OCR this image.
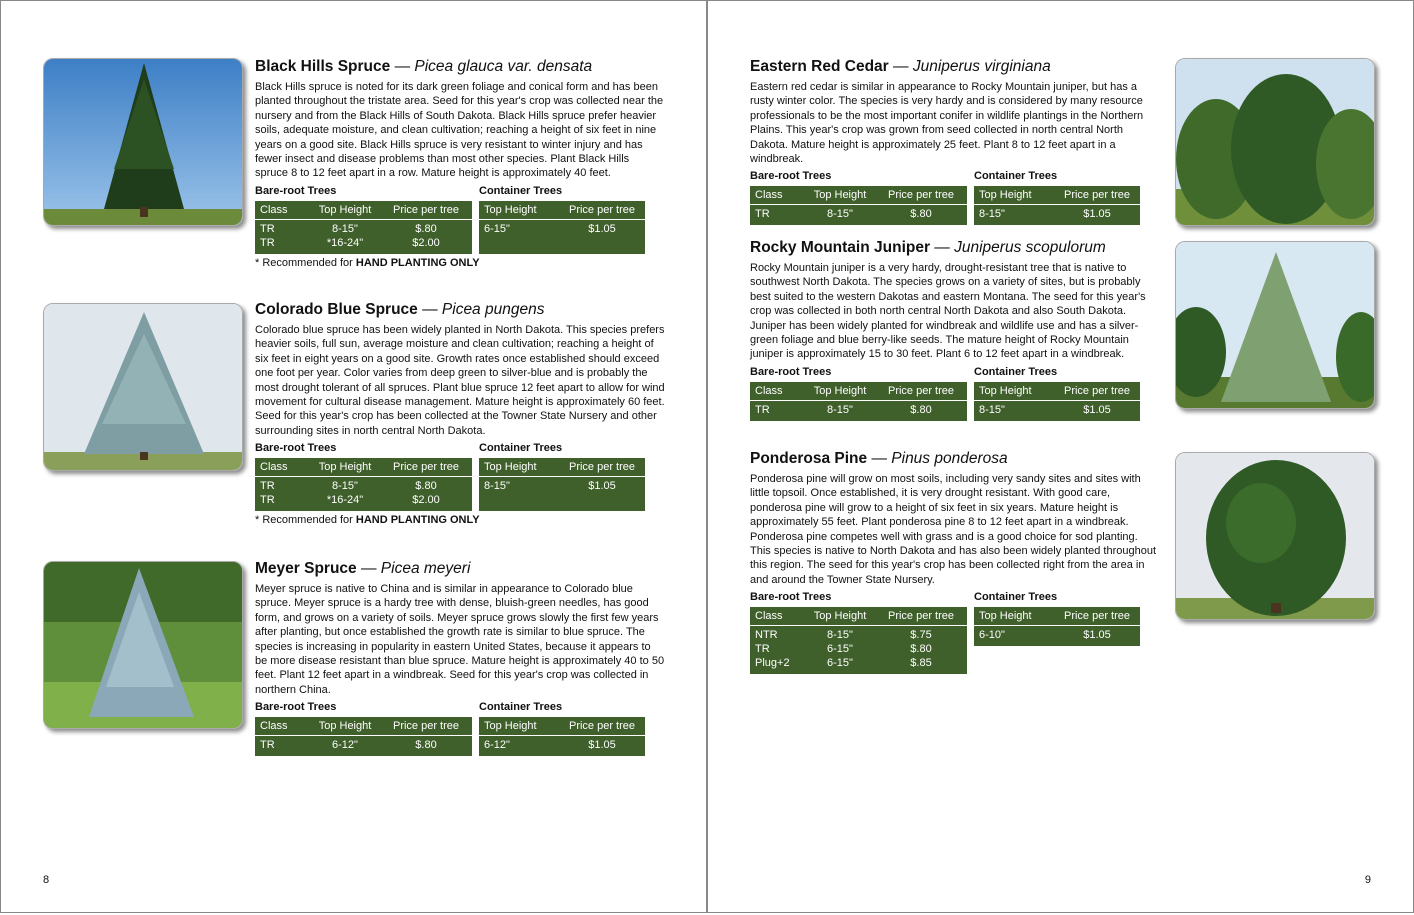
Black Hills Spruce — Picea glauca var. densata

Black Hills spruce is noted for its dark green foliage and conical form and has been planted throughout the tristate area. Seed for this year's crop was collected near the nursery and from the Black Hills of South Dakota. Black Hills spruce prefer heavier soils, adequate moisture, and clean cultivation; reaching a height of six feet in nine years on a good site. Black Hills spruce is very resistant to winter injury and has fewer insect and disease problems than most other species. Plant Black Hills spruce 8 to 12 feet apart in a row. Mature height is approximately 40 feet.

Bare-root Trees
Class	Top Height	Price per tree
TR	8-15"	$.80
TR	*16-24"	$2.00
Container Trees
Top Height	Price per tree
6-15"	$1.05
* Recommended for HAND PLANTING ONLY
Colorado Blue Spruce — Picea pungens

Colorado blue spruce has been widely planted in North Dakota. This species prefers heavier soils, full sun, average moisture and clean cultivation; reaching a height of six feet in eight years on a good site. Growth rates once established should exceed one foot per year. Color varies from deep green to silver-blue and is probably the most drought tolerant of all spruces. Plant blue spruce 12 feet apart to allow for wind movement for cultural disease management. Mature height is approximately 60 feet. Seed for this year's crop has been collected at the Towner State Nursery and other surrounding sites in north central North Dakota.

Bare-root Trees
Class	Top Height	Price per tree
TR	8-15"	$.80
TR	*16-24"	$2.00
Container Trees
Top Height	Price per tree
8-15"	$1.05
* Recommended for HAND PLANTING ONLY
Meyer Spruce — Picea meyeri

Meyer spruce is native to China and is similar in appearance to Colorado blue spruce. Meyer spruce is a hardy tree with dense, bluish-green needles, has good form, and grows on a variety of soils. Meyer spruce grows slowly the first few years after planting, but once established the growth rate is similar to blue spruce. The species is increasing in popularity in eastern United States, because it appears to be more disease resistant than blue spruce. Mature height is approximately 40 to 50 feet. Plant 12 feet apart in a windbreak. Seed for this year's crop was collected in northern China.

Bare-root Trees
Class	Top Height	Price per tree
TR	6-12"	$.80
Container Trees
Top Height	Price per tree
6-12"	$1.05
8
Eastern Red Cedar — Juniperus virginiana

Eastern red cedar is similar in appearance to Rocky Mountain juniper, but has a rusty winter color. The species is very hardy and is considered by many resource professionals to be the most important conifer in wildlife plantings in the Northern Plains. This year's crop was grown from seed collected in north central North Dakota. Mature height is approximately 25 feet. Plant 8 to 12 feet apart in a windbreak.

Bare-root Trees
Class	Top Height	Price per tree
TR	8-15"	$.80
Container Trees
Top Height	Price per tree
8-15"	$1.05
Rocky Mountain Juniper — Juniperus scopulorum

Rocky Mountain juniper is a very hardy, drought-resistant tree that is native to southwest North Dakota. The species grows on a variety of sites, but is probably best suited to the western Dakotas and eastern Montana. The seed for this year's crop was collected in both north central North Dakota and also South Dakota. Juniper has been widely planted for windbreak and wildlife use and has a silver-green foliage and blue berry-like seeds. The mature height of Rocky Mountain juniper is approximately 15 to 30 feet. Plant 6 to 12 feet apart in a windbreak.

Bare-root Trees
Class	Top Height	Price per tree
TR	8-15"	$.80
Container Trees
Top Height	Price per tree
8-15"	$1.05
Ponderosa Pine — Pinus ponderosa

Ponderosa pine will grow on most soils, including very sandy sites and sites with little topsoil. Once established, it is very drought resistant. With good care, ponderosa pine will grow to a height of six feet in six years. Mature height is approximately 55 feet. Plant ponderosa pine 8 to 12 feet apart in a windbreak. Ponderosa pine competes well with grass and is a good choice for sod planting. This species is native to North Dakota and has also been widely planted throughout this region. The seed for this year's crop has been collected right from the area in and around the Towner State Nursery.

Bare-root Trees
Class	Top Height	Price per tree
NTR	8-15"	$.75
TR	6-15"	$.80
Plug+2	6-15"	$.85
Container Trees
Top Height	Price per tree
6-10"	$1.05
9
